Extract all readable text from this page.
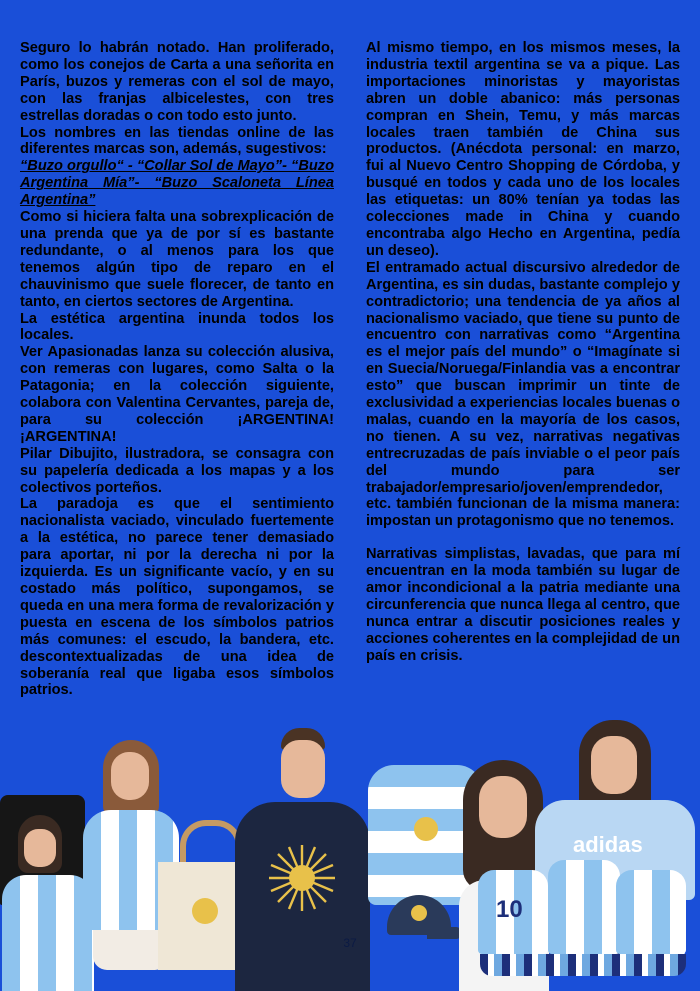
Seguro lo habrán notado. Han proliferado, como los conejos de Carta a una señorita en París, buzos y remeras con el sol de mayo, con las franjas albicelestes, con tres estrellas doradas o con todo esto junto.

Los nombres en las tiendas online de las diferentes marcas son, además, sugestivos:

“Buzo orgullo“ - “Collar Sol de Mayo”- “Buzo Argentina Mía”- “Buzo Scaloneta Línea Argentina”

Como si hiciera falta una sobrexplicación de una prenda que ya de por sí es bastante redundante, o al menos para los que tenemos algún tipo de reparo en el chauvinismo que suele florecer, de tanto en tanto, en ciertos sectores de Argentina.

La estética argentina inunda todos los locales.

Ver Apasionadas lanza su colección alusiva, con remeras con lugares, como Salta o la Patagonia; en la colección siguiente, colabora con Valentina Cervantes, pareja de, para su colección ¡ARGENTINA! ¡ARGENTINA!

Pilar Dibujito, ilustradora, se consagra con su papelería dedicada a los mapas y a los colectivos porteños.

La paradoja es que el sentimiento nacionalista vaciado, vinculado fuertemente a la estética, no parece tener demasiado para aportar, ni por la derecha ni por la izquierda. Es un significante vacío, y en su costado más político, supongamos, se queda en una mera forma de revalorización y puesta en escena de los símbolos patrios más comunes: el escudo, la bandera, etc. descontextualizadas de una idea de soberanía real que ligaba esos símbolos patrios.

Al mismo tiempo, en los mismos meses, la industria textil argentina se va a pique. Las importaciones minoristas y mayoristas abren un doble abanico: más personas compran en Shein, Temu, y más marcas locales traen también de China sus productos. (Anécdota personal: en marzo, fui al Nuevo Centro Shopping de Córdoba, y busqué en todos y cada uno de los locales las etiquetas: un 80% tenían ya todas las colecciones made in China y cuando encontraba algo Hecho en Argentina, pedía un deseo).

El entramado actual discursivo alrededor de Argentina, es sin dudas, bastante complejo y contradictorio; una tendencia de ya años al nacionalismo vaciado, que tiene su punto de encuentro con narrativas como “Argentina es el mejor país del mundo” o “Imagínate si en Suecia/Noruega/Finlandia vas a encontrar esto” que buscan imprimir un tinte de exclusividad a experiencias locales buenas o malas, cuando en la mayoría de los casos, no tienen. A su vez, narrativas negativas entrecruzadas de país inviable o el peor país del mundo para ser trabajador/empresario/joven/emprendedor, etc. también funcionan de la misma manera: impostan un protagonismo que no tenemos.

Narrativas simplistas, lavadas, que para mí encuentran en la moda también su lugar de amor incondicional a la patria mediante una circunferencia que nunca llega al centro, que nunca entrar a discutir posiciones reales y acciones coherentes en la complejidad de un país en crisis.

adidas
10
37
